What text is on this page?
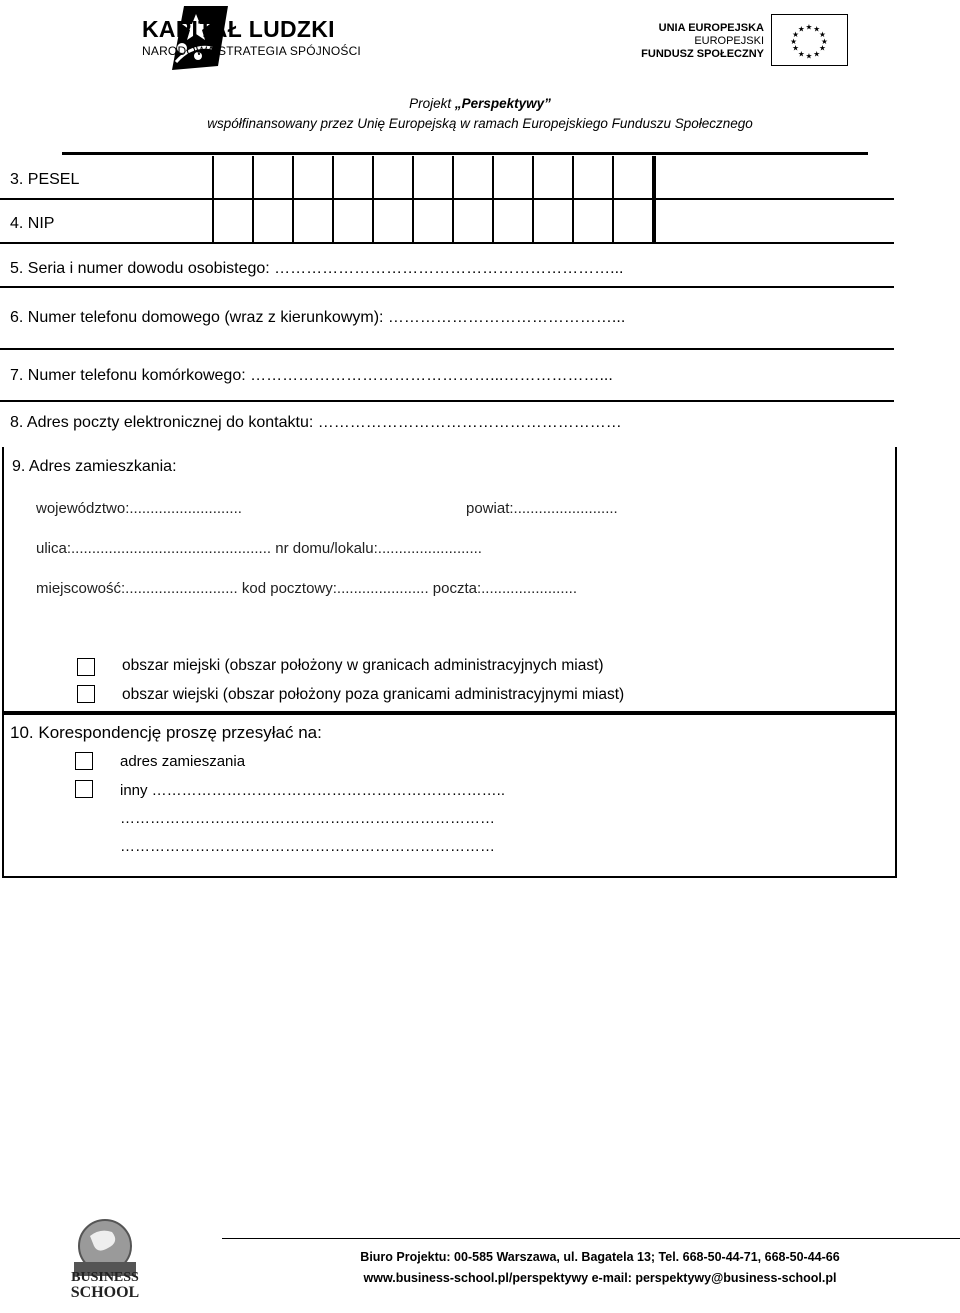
KAPITAŁ LUDZKI
NARODOWA STRATEGIA SPÓJNOŚCI
UNIA EUROPEJSKA
EUROPEJSKI
FUNDUSZ SPOŁECZNY
★ ★
★
★
★
★
★
★
★
★
★
★
Projekt „Perspektywy”
współfinansowany przez Unię Europejską w ramach Europejskiego Funduszu Społecznego
3. PESEL
4. NIP
5. Seria i numer dowodu osobistego: ………………………………………………………...
6. Numer telefonu domowego (wraz z kierunkowym): ……………………………………...
7. Numer telefonu komórkowego: ………………………………………...………………...
8. Adres poczty elektronicznej do kontaktu: …………………………………………………
9. Adres zamieszkania:
województwo:...........................	powiat:.........................
ulica:................................................ nr domu/lokalu:.........................
miejscowość:........................... kod pocztowy:...................... poczta:.......................
obszar miejski (obszar położony w granicach administracyjnych miast)
obszar wiejski (obszar położony poza granicami administracyjnymi miast)
10. Korespondencję proszę przesyłać na:
adres zamieszania
inny ……………………………………………………………..
…………………………………………………………………
…………………………………………………………………
BUSINESS
SCHOOL
Biuro Projektu: 00-585 Warszawa, ul. Bagatela 13; Tel. 668-50-44-71, 668-50-44-66
www.business-school.pl/perspektywy e-mail: perspektywy@business-school.pl
